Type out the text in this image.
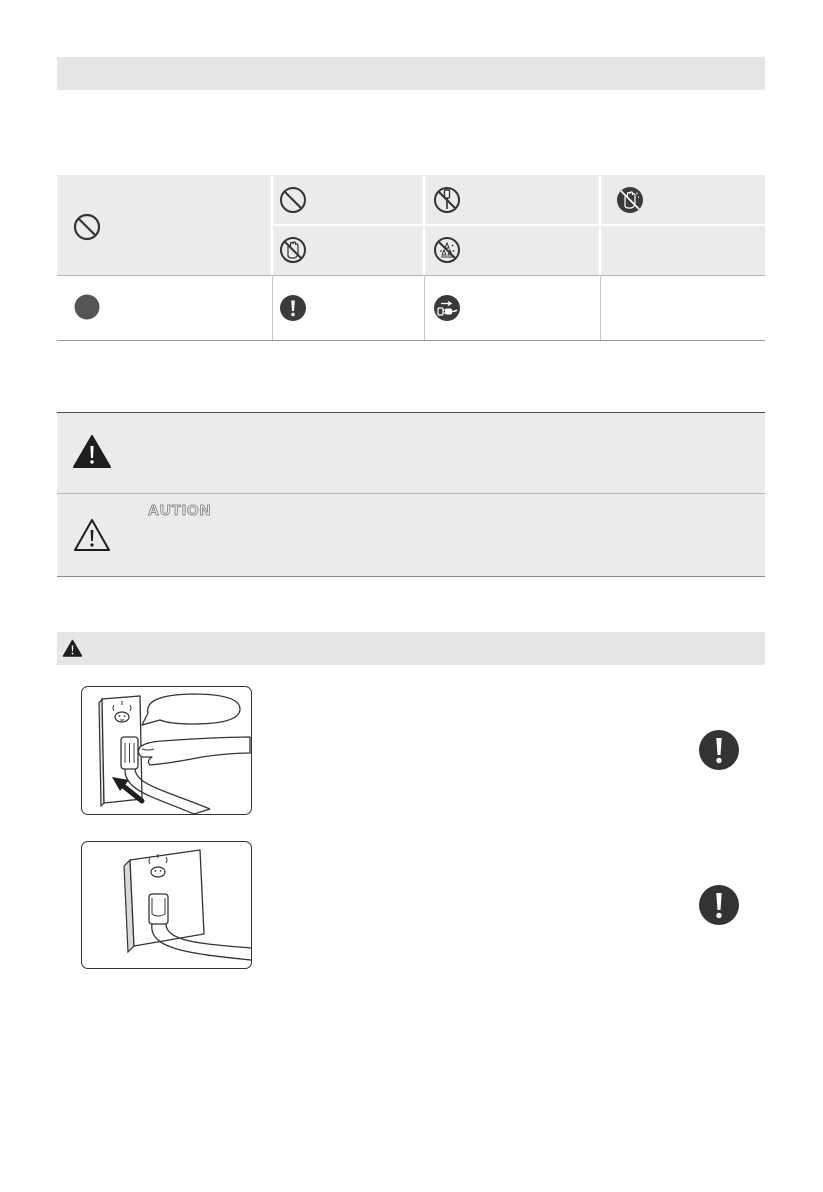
AUTION
